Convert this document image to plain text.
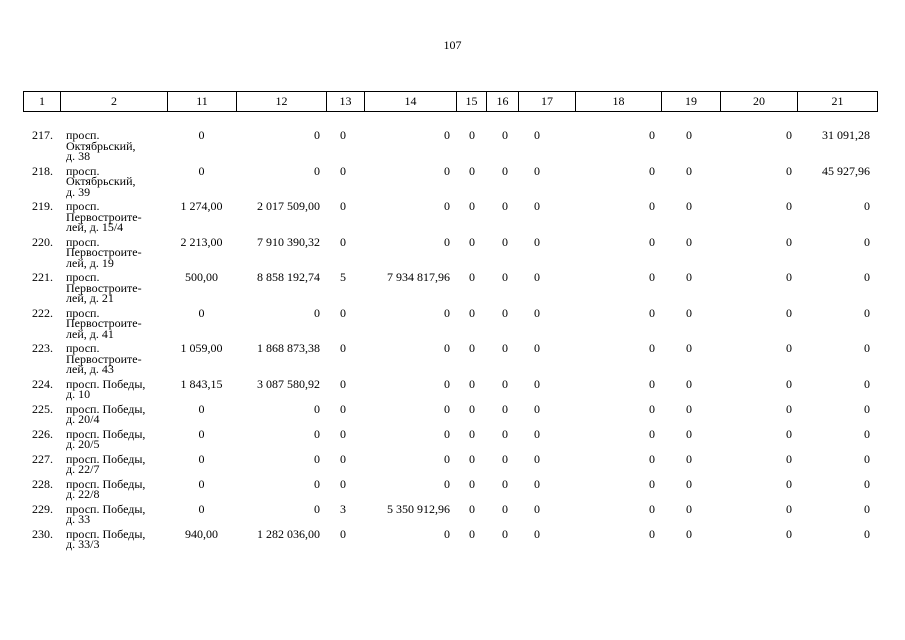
107
1	2	11	12	13	14	15	16	17	18	19	20	21
217.	просп.
Октябрьский,
д. 38	0	0	0	0	0	0	0	0	0	0	31 091,28
218.	просп.
Октябрьский,
д. 39	0	0	0	0	0	0	0	0	0	0	45 927,96
219.	просп.
Первостроите-
лей, д. 15/4	1 274,00	2 017 509,00	0	0	0	0	0	0	0	0	0
220.	просп.
Первостроите-
лей, д. 19	2 213,00	7 910 390,32	0	0	0	0	0	0	0	0	0
221.	просп.
Первостроите-
лей, д. 21	500,00	8 858 192,74	5	7 934 817,96	0	0	0	0	0	0	0
222.	просп.
Первостроите-
лей, д. 41	0	0	0	0	0	0	0	0	0	0	0
223.	просп.
Первостроите-
лей, д. 43	1 059,00	1 868 873,38	0	0	0	0	0	0	0	0	0
224.	просп. Победы,
д. 10	1 843,15	3 087 580,92	0	0	0	0	0	0	0	0	0
225.	просп. Победы,
д. 20/4	0	0	0	0	0	0	0	0	0	0	0
226.	просп. Победы,
д. 20/5	0	0	0	0	0	0	0	0	0	0	0
227.	просп. Победы,
д. 22/7	0	0	0	0	0	0	0	0	0	0	0
228.	просп. Победы,
д. 22/8	0	0	0	0	0	0	0	0	0	0	0
229.	просп. Победы,
д. 33	0	0	3	5 350 912,96	0	0	0	0	0	0	0
230.	просп. Победы,
д. 33/3	940,00	1 282 036,00	0	0	0	0	0	0	0	0	0
